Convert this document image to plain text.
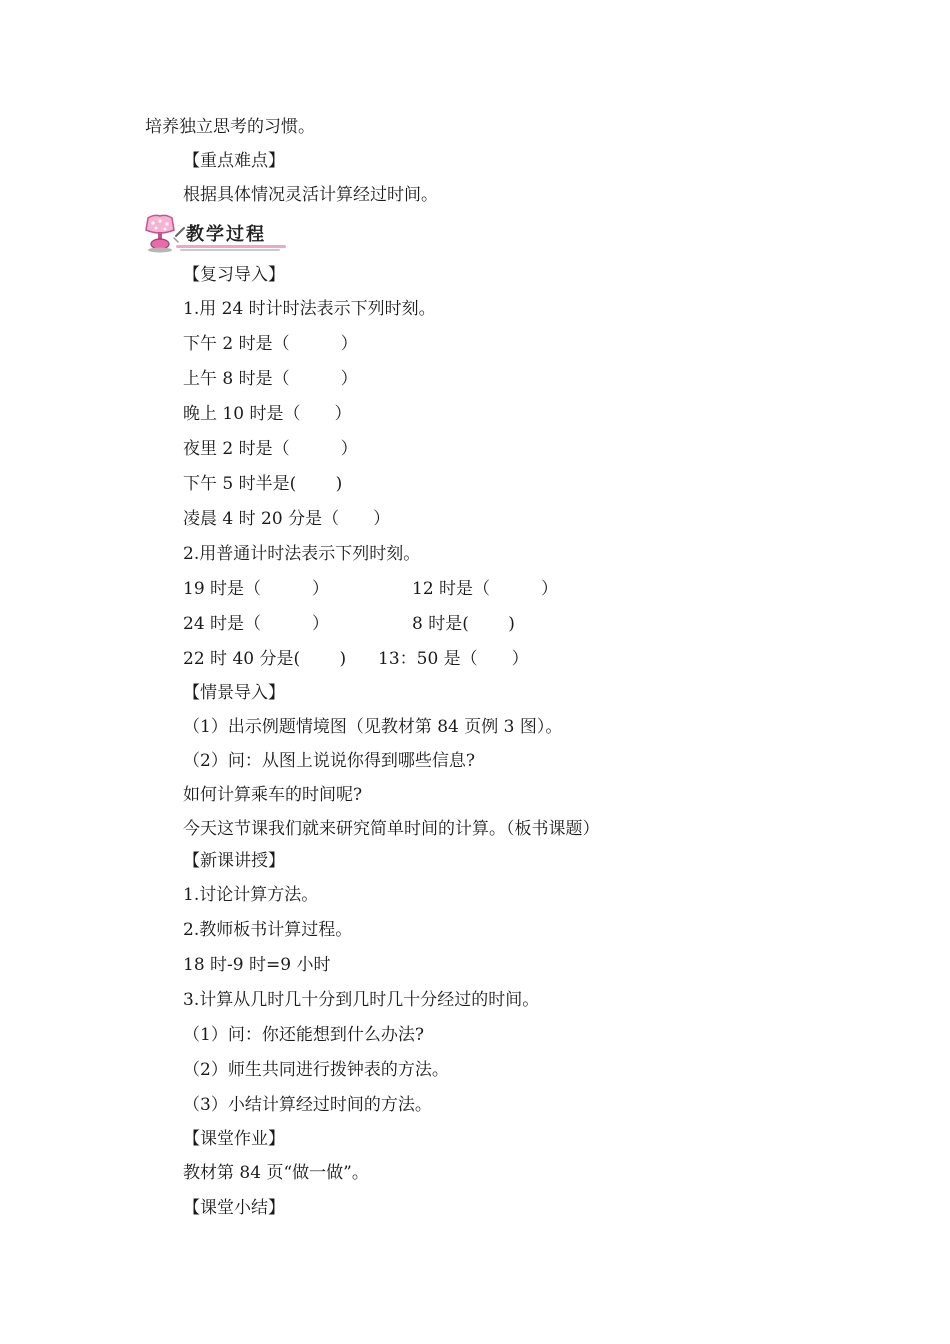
培养独立思考的习惯。
【重点难点】
根据具体情况灵活计算经过时间。
教学过程
【复习导入】
1.用 24 时计时法表示下列时刻。
下午 2 时是（　　　）
上午 8 时是（　　　）
晚上 10 时是（　　）
夜里 2 时是（　　　）
下午 5 时半是(　　 )
凌晨 4 时 20 分是（　　）
2.用普通计时法表示下列时刻。
19 时是（　　　）	12 时是（　　　）
24 时是（　　　）	8 时是(　　 )
22 时 40 分是(　　 ) 13：50 是（　　）
【情景导入】
（1）出示例题情境图（见教材第 84 页例 3 图）。
（2）问：从图上说说你得到哪些信息?
如何计算乘车的时间呢?
今天这节课我们就来研究简单时间的计算。（板书课题）
【新课讲授】
1.讨论计算方法。
2.教师板书计算过程。
18 时-9 时=9 小时
3.计算从几时几十分到几时几十分经过的时间。
（1）问：你还能想到什么办法?
（2）师生共同进行拨钟表的方法。
（3）小结计算经过时间的方法。
【课堂作业】
教材第 84 页“做一做”。
【课堂小结】
